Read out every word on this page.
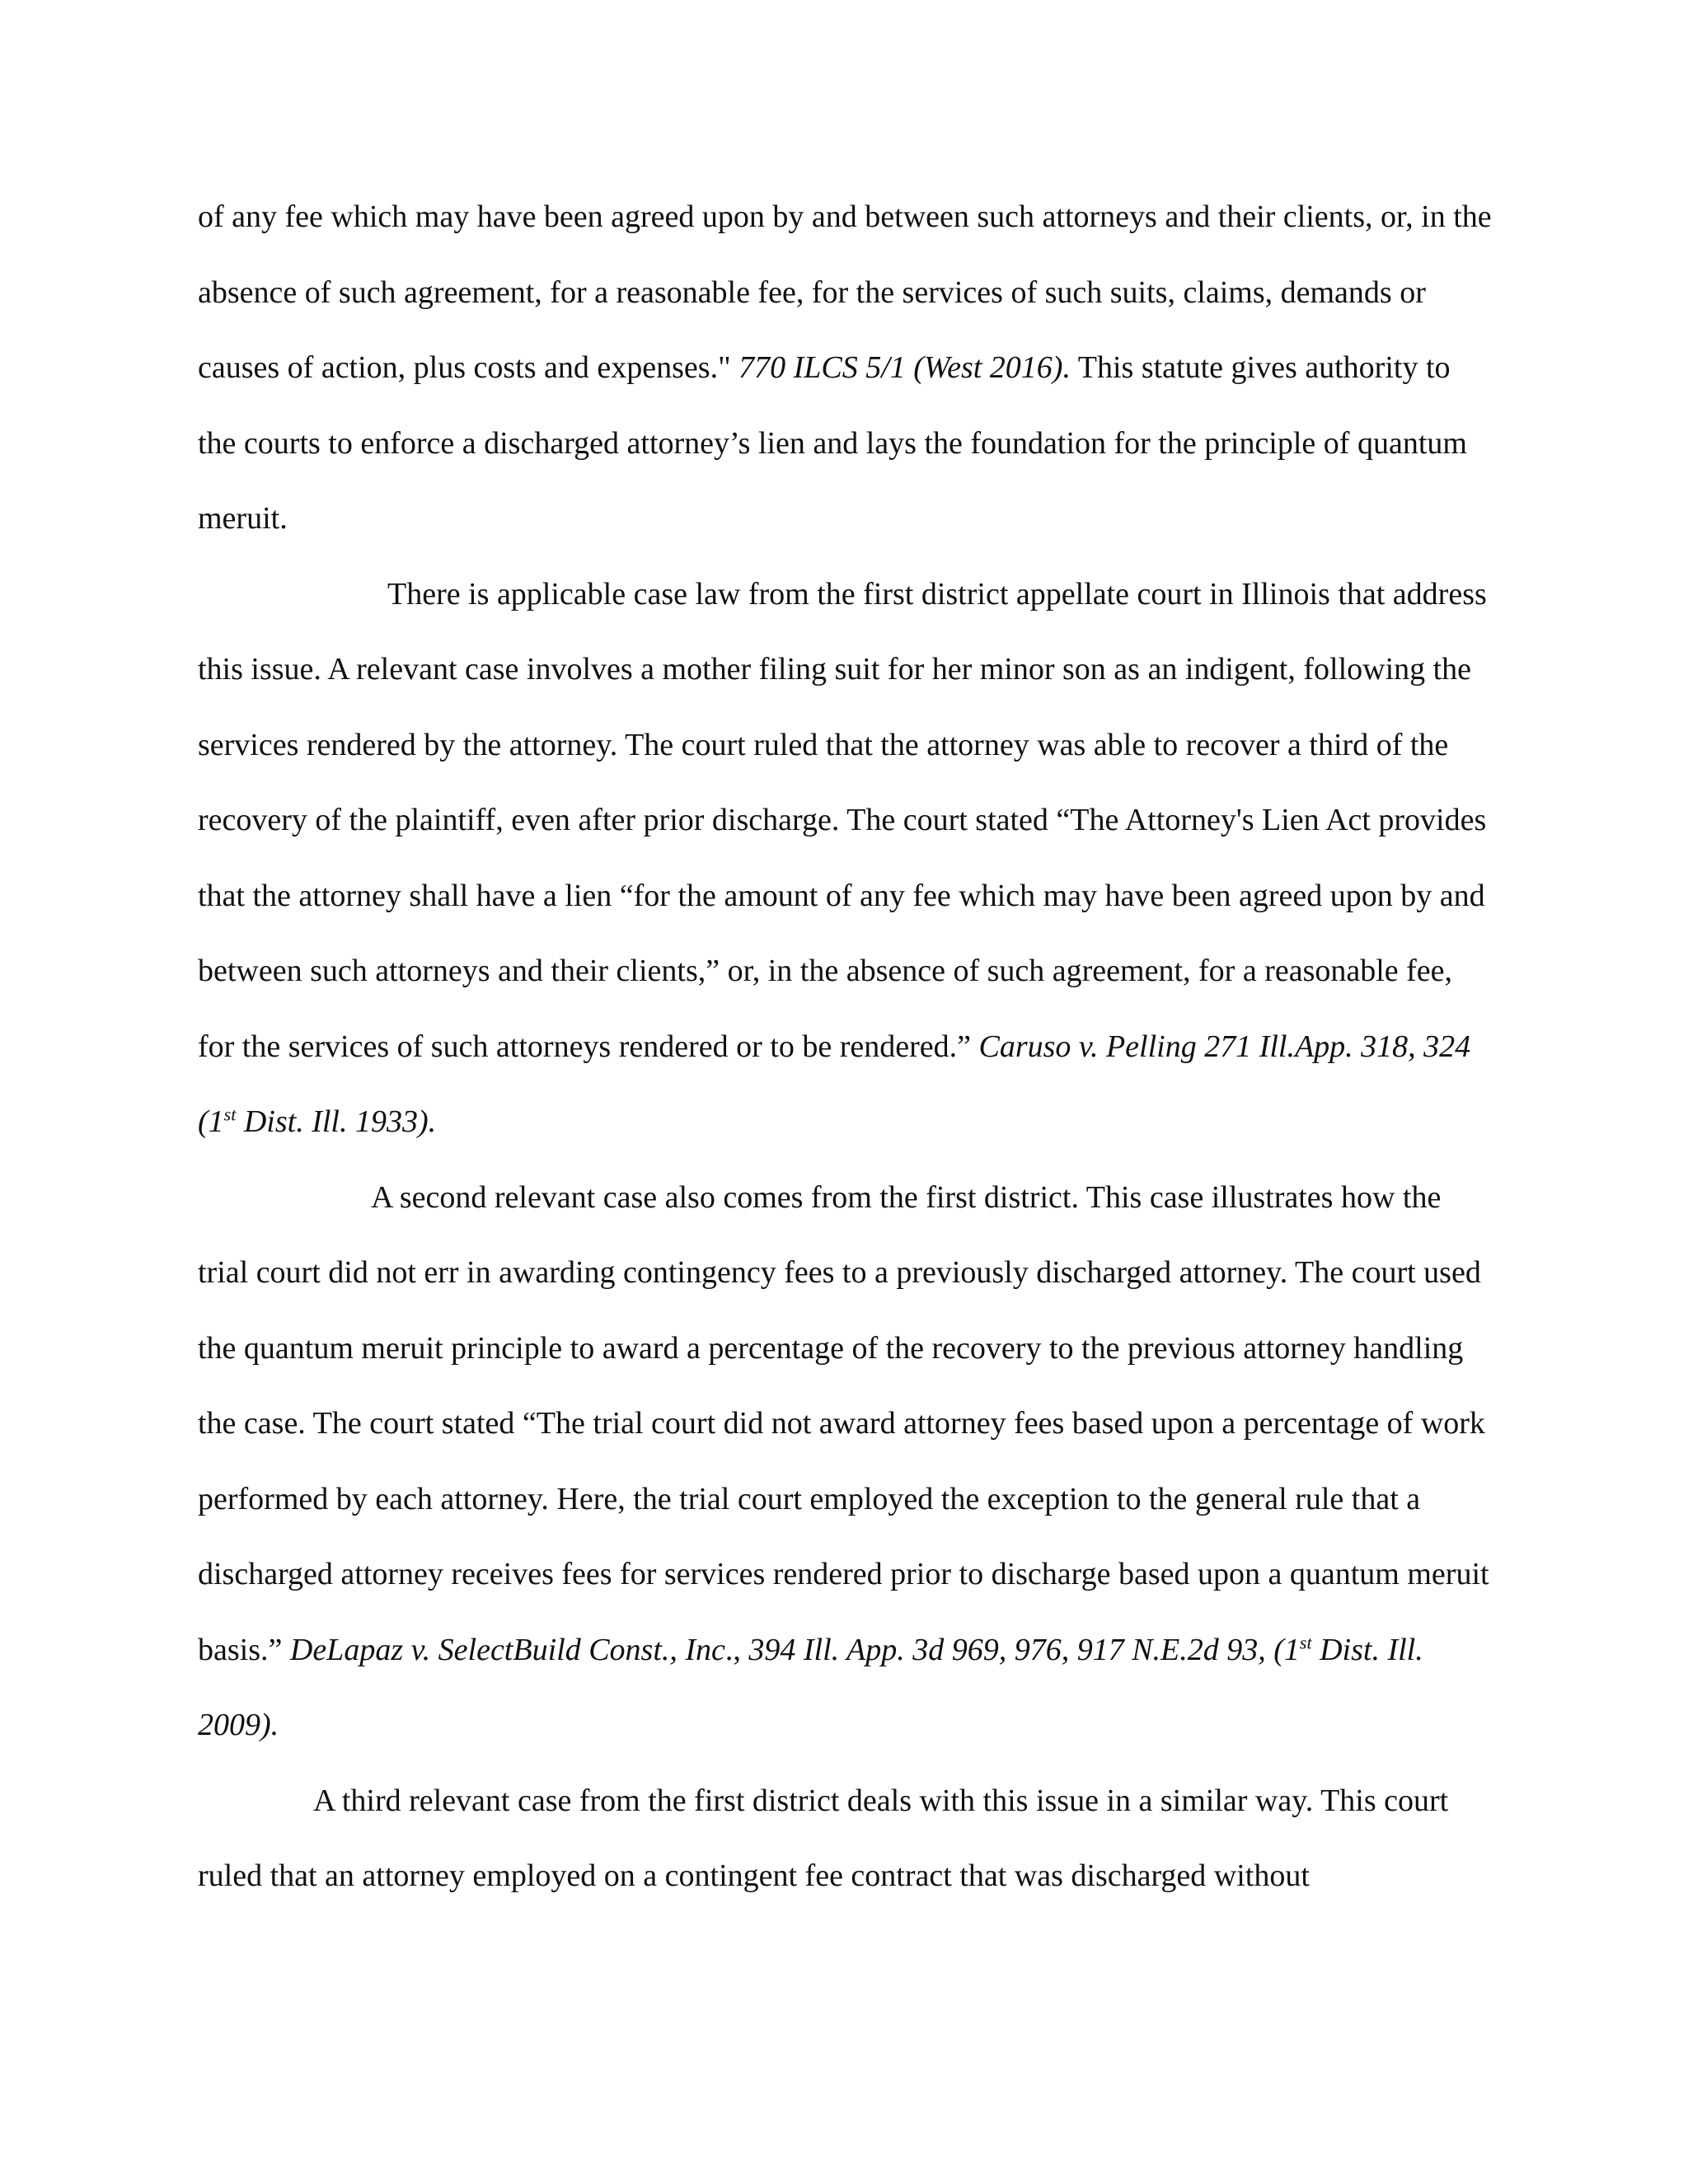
of any fee which may have been agreed upon by and between such attorneys and their clients, or, in the absence of such agreement, for a reasonable fee, for the services of such suits, claims, demands or causes of action, plus costs and expenses." 770 ILCS 5/1 (West 2016). This statute gives authority to the courts to enforce a discharged attorney’s lien and lays the foundation for the principle of quantum meruit.

There is applicable case law from the first district appellate court in Illinois that address this issue. A relevant case involves a mother filing suit for her minor son as an indigent, following the services rendered by the attorney. The court ruled that the attorney was able to recover a third of the recovery of the plaintiff, even after prior discharge. The court stated “The Attorney's Lien Act provides that the attorney shall have a lien “for the amount of any fee which may have been agreed upon by and between such attorneys and their clients,” or, in the absence of such agreement, for a reasonable fee, for the services of such attorneys rendered or to be rendered.” Caruso v. Pelling 271 Ill.App. 318, 324 (1st Dist. Ill. 1933).

A second relevant case also comes from the first district. This case illustrates how the trial court did not err in awarding contingency fees to a previously discharged attorney. The court used the quantum meruit principle to award a percentage of the recovery to the previous attorney handling the case. The court stated “The trial court did not award attorney fees based upon a percentage of work performed by each attorney. Here, the trial court employed the exception to the general rule that a discharged attorney receives fees for services rendered prior to discharge based upon a quantum meruit basis.” DeLapaz v. SelectBuild Const., Inc., 394 Ill. App. 3d 969, 976, 917 N.E.2d 93, (1st Dist. Ill. 2009).

A third relevant case from the first district deals with this issue in a similar way. This court ruled that an attorney employed on a contingent fee contract that was discharged without
